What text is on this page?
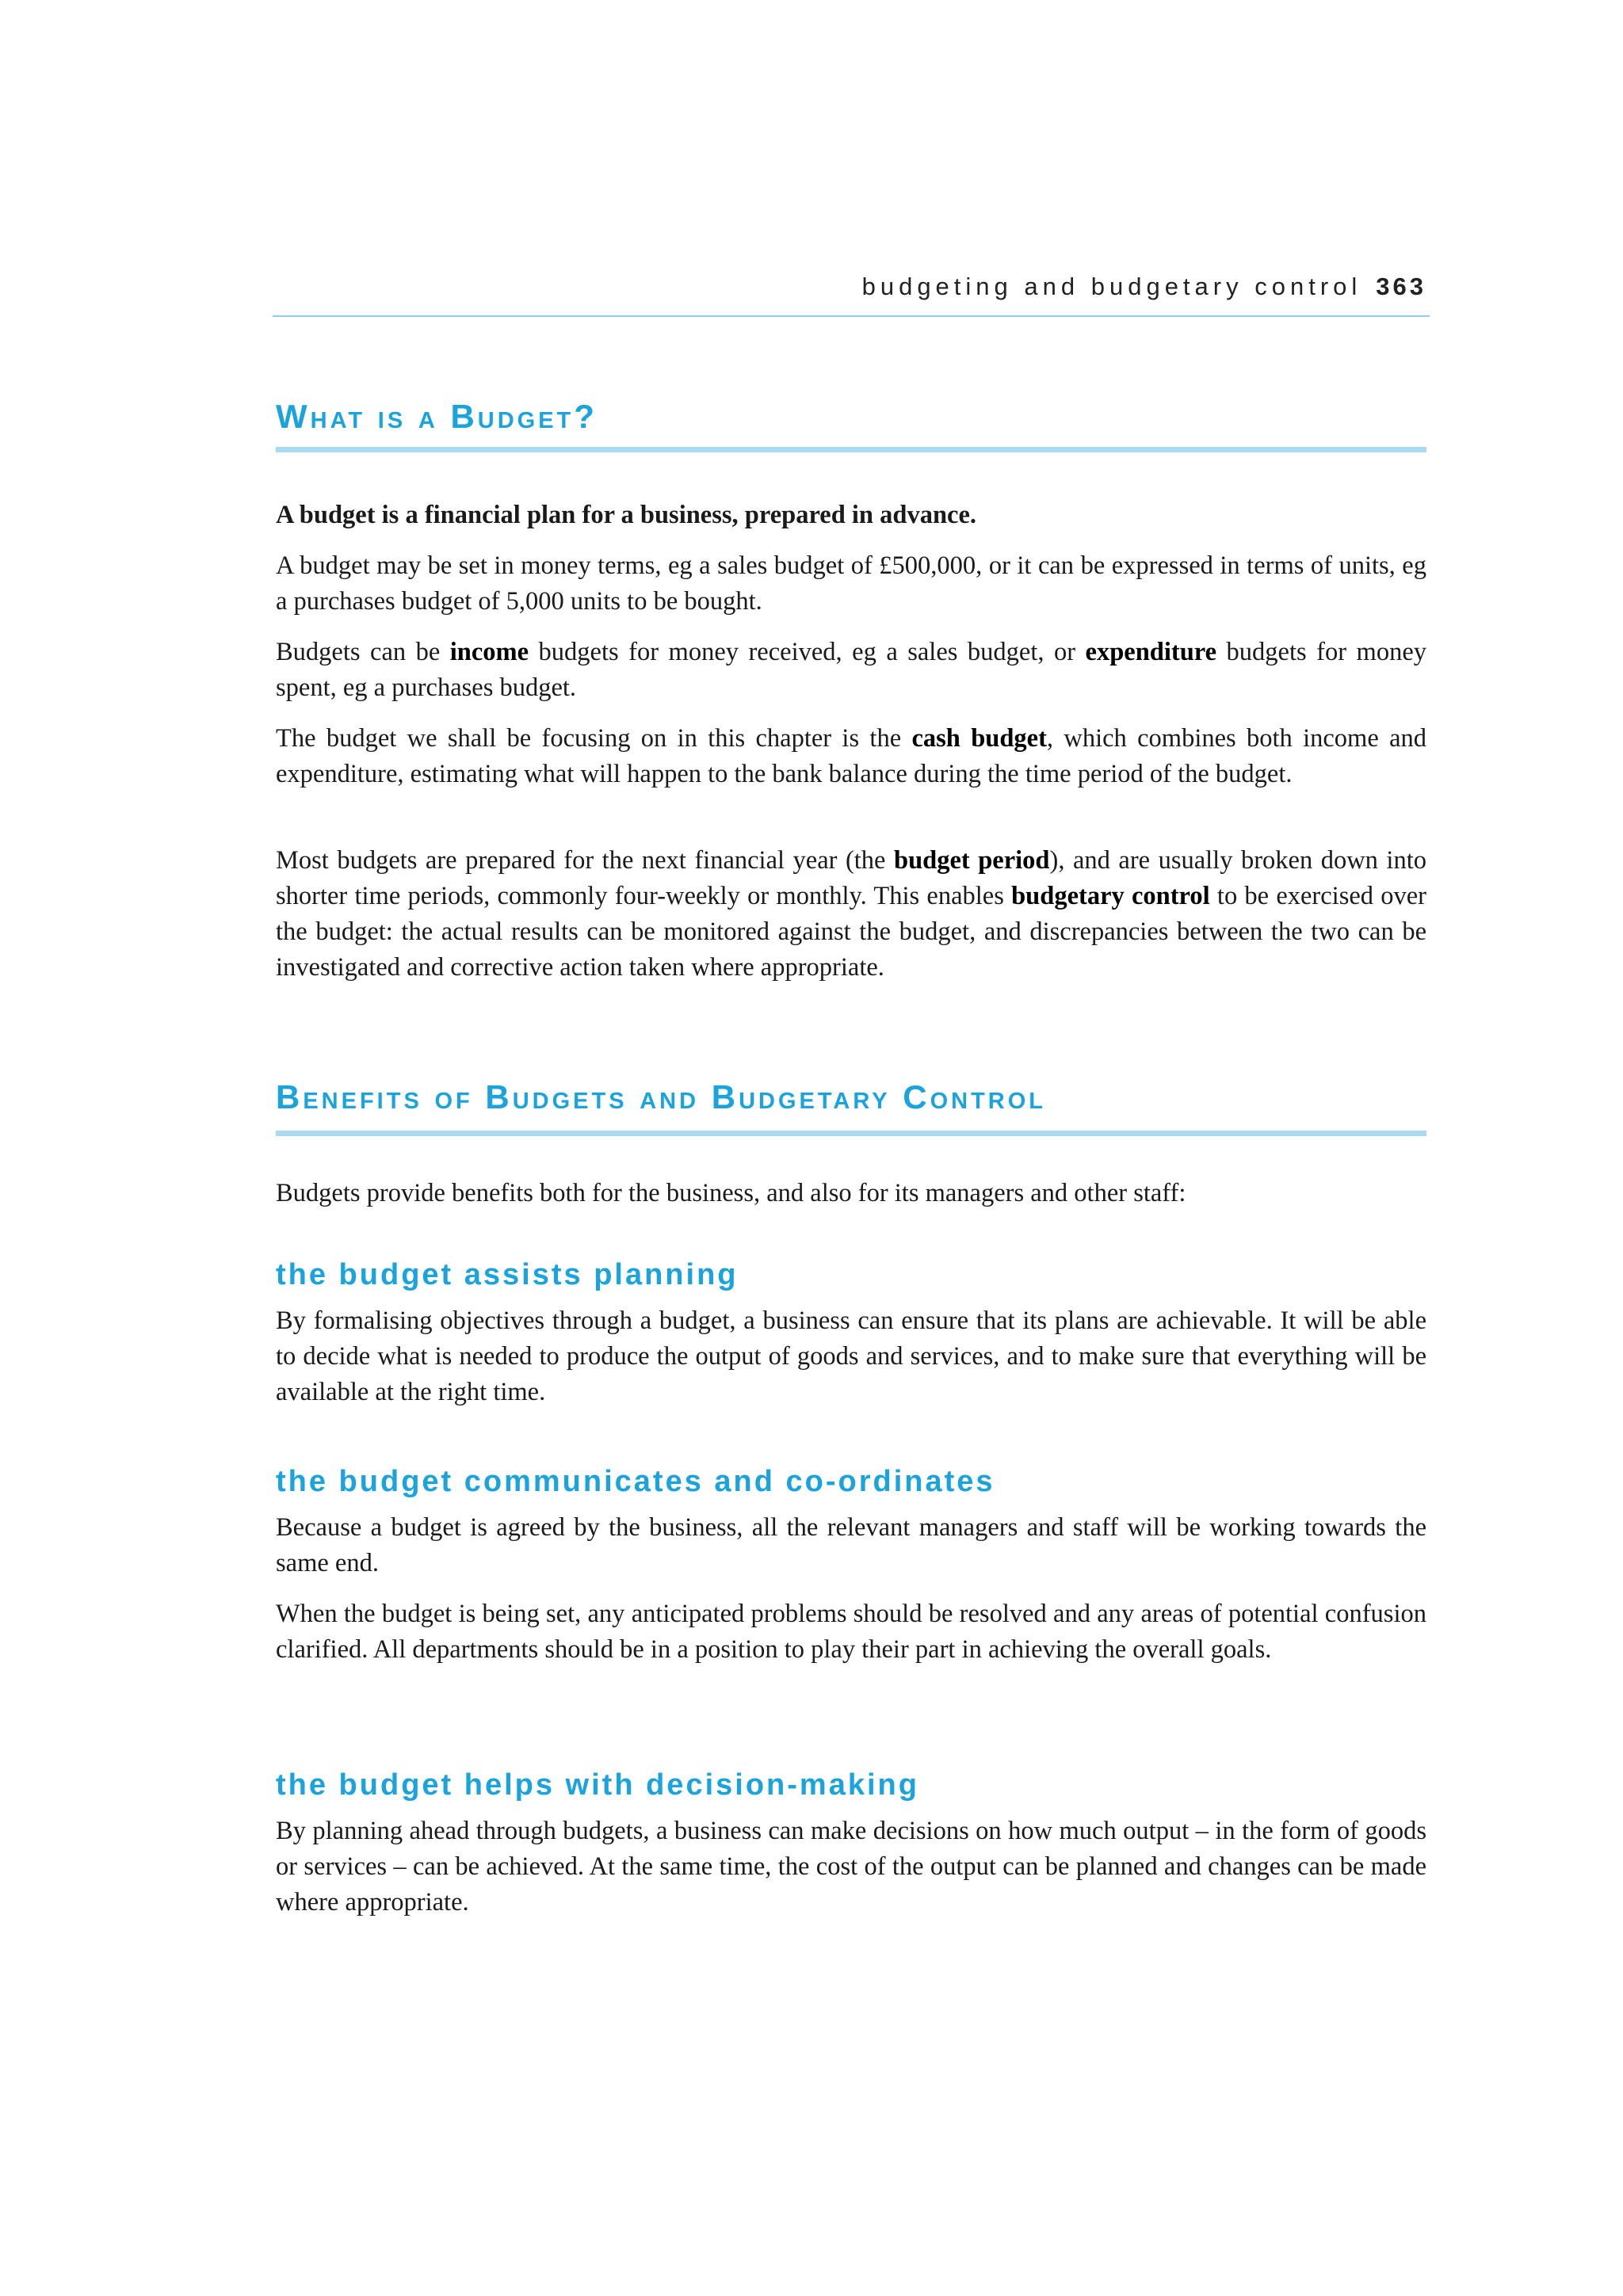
budgeting and budgetary control 363
What is a Budget?

A budget is a financial plan for a business, prepared in advance.

A budget may be set in money terms, eg a sales budget of £500,000, or it can be expressed in terms of units, eg a purchases budget of 5,000 units to be bought.

Budgets can be income budgets for money received, eg a sales budget, or expenditure budgets for money spent, eg a purchases budget.

The budget we shall be focusing on in this chapter is the cash budget, which combines both income and expenditure, estimating what will happen to the bank balance during the time period of the budget.

Most budgets are prepared for the next financial year (the budget period), and are usually broken down into shorter time periods, commonly four-weekly or monthly. This enables budgetary control to be exercised over the budget: the actual results can be monitored against the budget, and discrepancies between the two can be investigated and corrective action taken where appropriate.

Benefits of Budgets and Budgetary Control

Budgets provide benefits both for the business, and also for its managers and other staff:

the budget assists planning

By formalising objectives through a budget, a business can ensure that its plans are achievable. It will be able to decide what is needed to produce the output of goods and services, and to make sure that everything will be available at the right time.

the budget communicates and co-ordinates

Because a budget is agreed by the business, all the relevant managers and staff will be working towards the same end.

When the budget is being set, any anticipated problems should be resolved and any areas of potential confusion clarified. All departments should be in a position to play their part in achieving the overall goals.

the budget helps with decision-making

By planning ahead through budgets, a business can make decisions on how much output – in the form of goods or services – can be achieved. At the same time, the cost of the output can be planned and changes can be made where appropriate.
